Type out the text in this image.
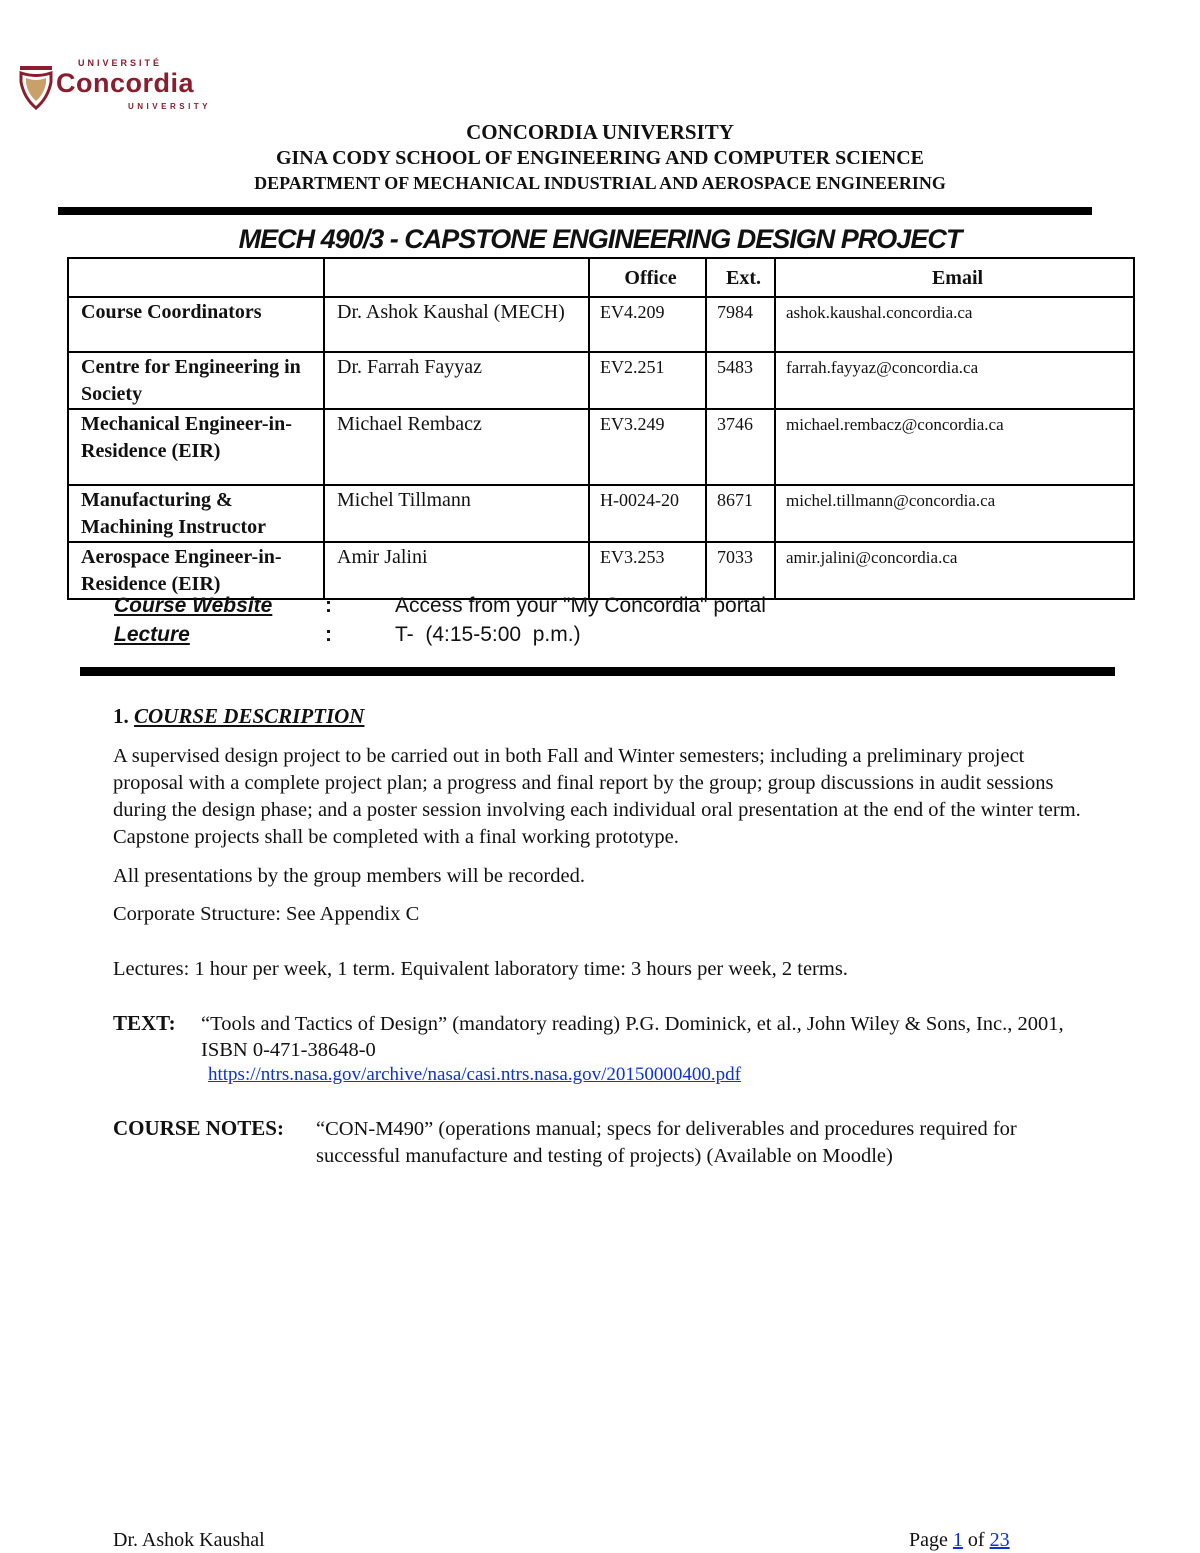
UNIVERSITÉ
Concordia
UNIVERSITY
CONCORDIA UNIVERSITY
GINA CODY SCHOOL OF ENGINEERING AND COMPUTER SCIENCE
DEPARTMENT OF MECHANICAL INDUSTRIAL AND AEROSPACE ENGINEERING
MECH 490/3 - CAPSTONE ENGINEERING DESIGN PROJECT
		Office	Ext.	Email
Course Coordinators	Dr. Ashok Kaushal (MECH)	EV4.209	7984	ashok.kaushal.concordia.ca
Centre for Engineering in Society	Dr. Farrah Fayyaz	EV2.251	5483	farrah.fayyaz@concordia.ca
Mechanical Engineer-in-Residence (EIR)	Michael Rembacz	EV3.249	3746	michael.rembacz@concordia.ca
Manufacturing & Machining Instructor	Michel Tillmann	H-0024-20	8671	michel.tillmann@concordia.ca
Aerospace Engineer-in-Residence (EIR)	Amir Jalini	EV3.253	7033	amir.jalini@concordia.ca
Course Website	:	Access from your "My Concordia" portal
Lecture	:	T-  (4:15-5:00  p.m.)
1. COURSE DESCRIPTION
A supervised design project to be carried out in both Fall and Winter semesters; including a preliminary project proposal with a complete project plan; a progress and final report by the group; group discussions in audit sessions during the design phase; and a poster session involving each individual oral presentation at the end of the winter term. Capstone projects shall be completed with a final working prototype.
All presentations by the group members will be recorded.
Corporate Structure: See Appendix C
Lectures: 1 hour per week, 1 term. Equivalent laboratory time: 3 hours per week, 2 terms.
TEXT: “Tools and Tactics of Design” (mandatory reading) P.G. Dominick, et al., John Wiley & Sons, Inc., 2001, ISBN 0-471-38648-0
https://ntrs.nasa.gov/archive/nasa/casi.ntrs.nasa.gov/20150000400.pdf
COURSE NOTES: “CON-M490” (operations manual; specs for deliverables and procedures required for successful manufacture and testing of projects) (Available on Moodle)
Dr. Ashok Kaushal	Page 1 of 23
